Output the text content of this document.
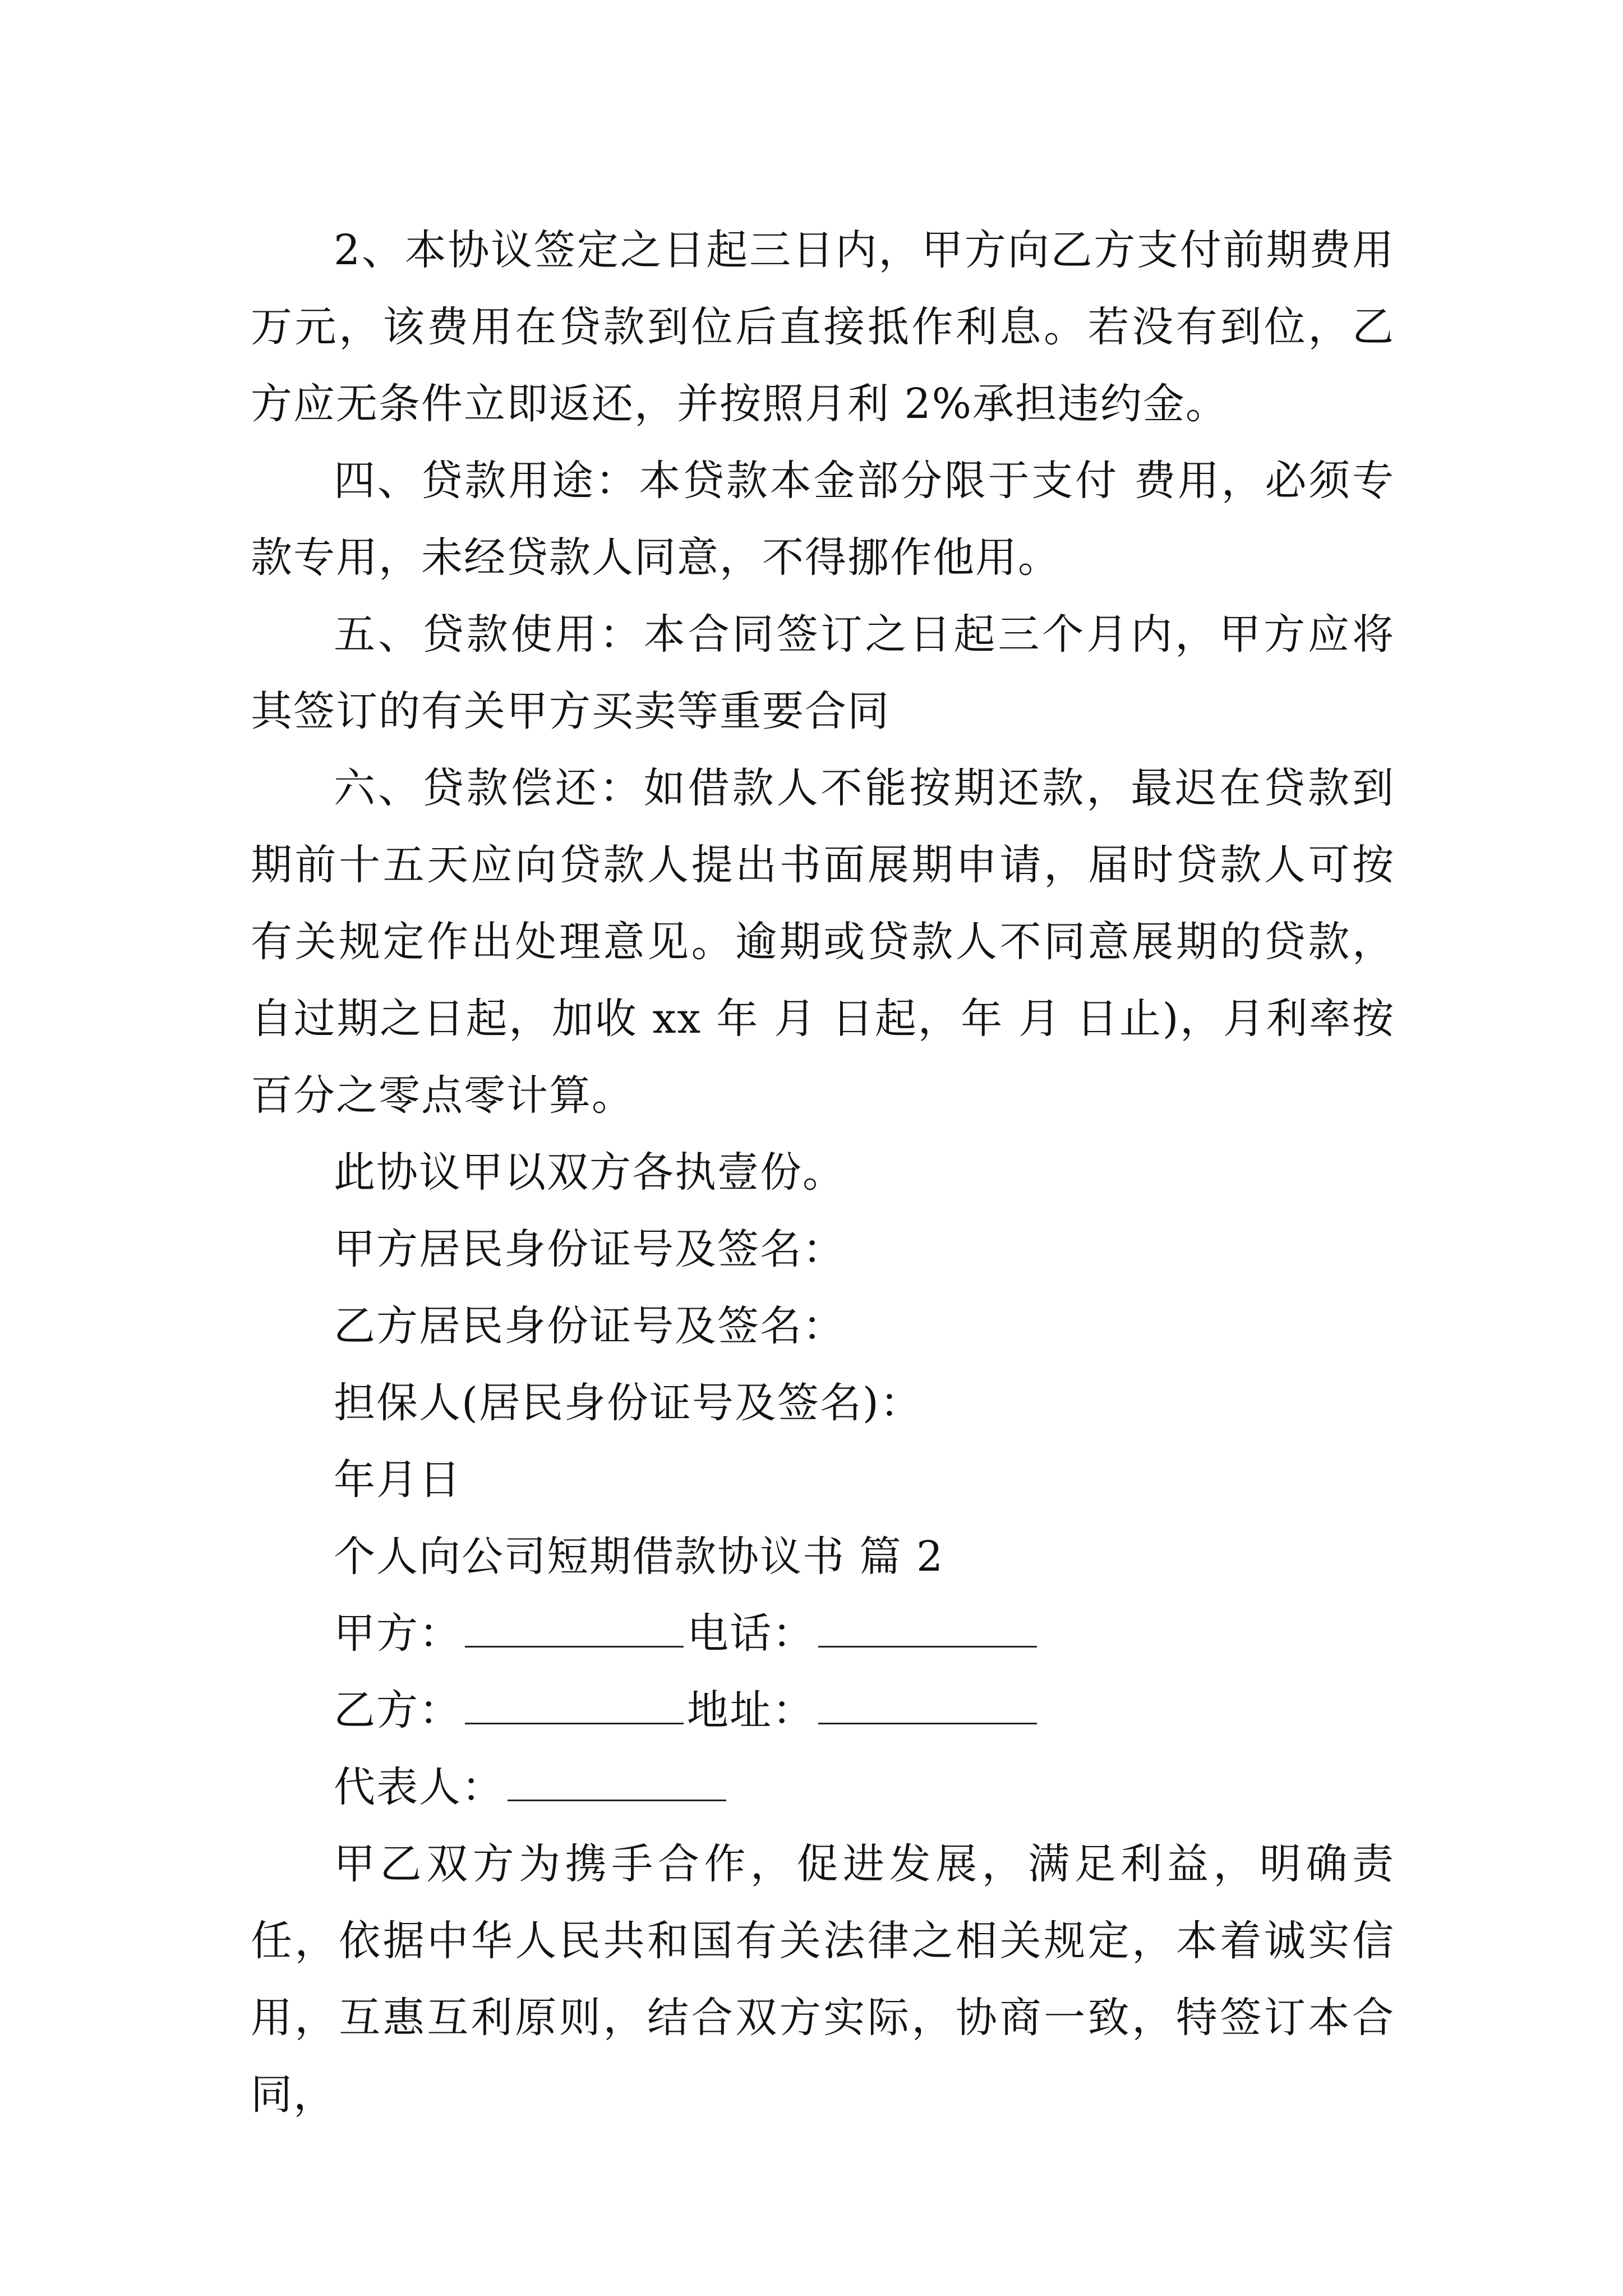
2、本协议签定之日起三日内，甲方向乙方支付前期费用 万元，该费用在贷款到位后直接抵作利息。若没有到位，乙方应无条件立即返还，并按照月利 2%承担违约金。

四、贷款用途：本贷款本金部分限于支付 费用，必须专款专用，未经贷款人同意，不得挪作他用。

五、贷款使用：本合同签订之日起三个月内，甲方应将其签订的有关甲方买卖等重要合同

六、贷款偿还：如借款人不能按期还款，最迟在贷款到期前十五天应向贷款人提出书面展期申请，届时贷款人可按有关规定作出处理意见。逾期或贷款人不同意展期的贷款，自过期之日起，加收 xx 年 月 日起，年 月 日止)，月利率按百分之零点零计算。

此协议甲以双方各执壹份。

甲方居民身份证号及签名：

乙方居民身份证号及签名：

担保人(居民身份证号及签名)：

年月日

个人向公司短期借款协议书 篇 2

甲方：	电话：

乙方：	地址：

代表人：

甲乙双方为携手合作，促进发展，满足利益，明确责任，依据中华人民共和国有关法律之相关规定，本着诚实信用，互惠互利原则，结合双方实际，协商一致，特签订本合同，
